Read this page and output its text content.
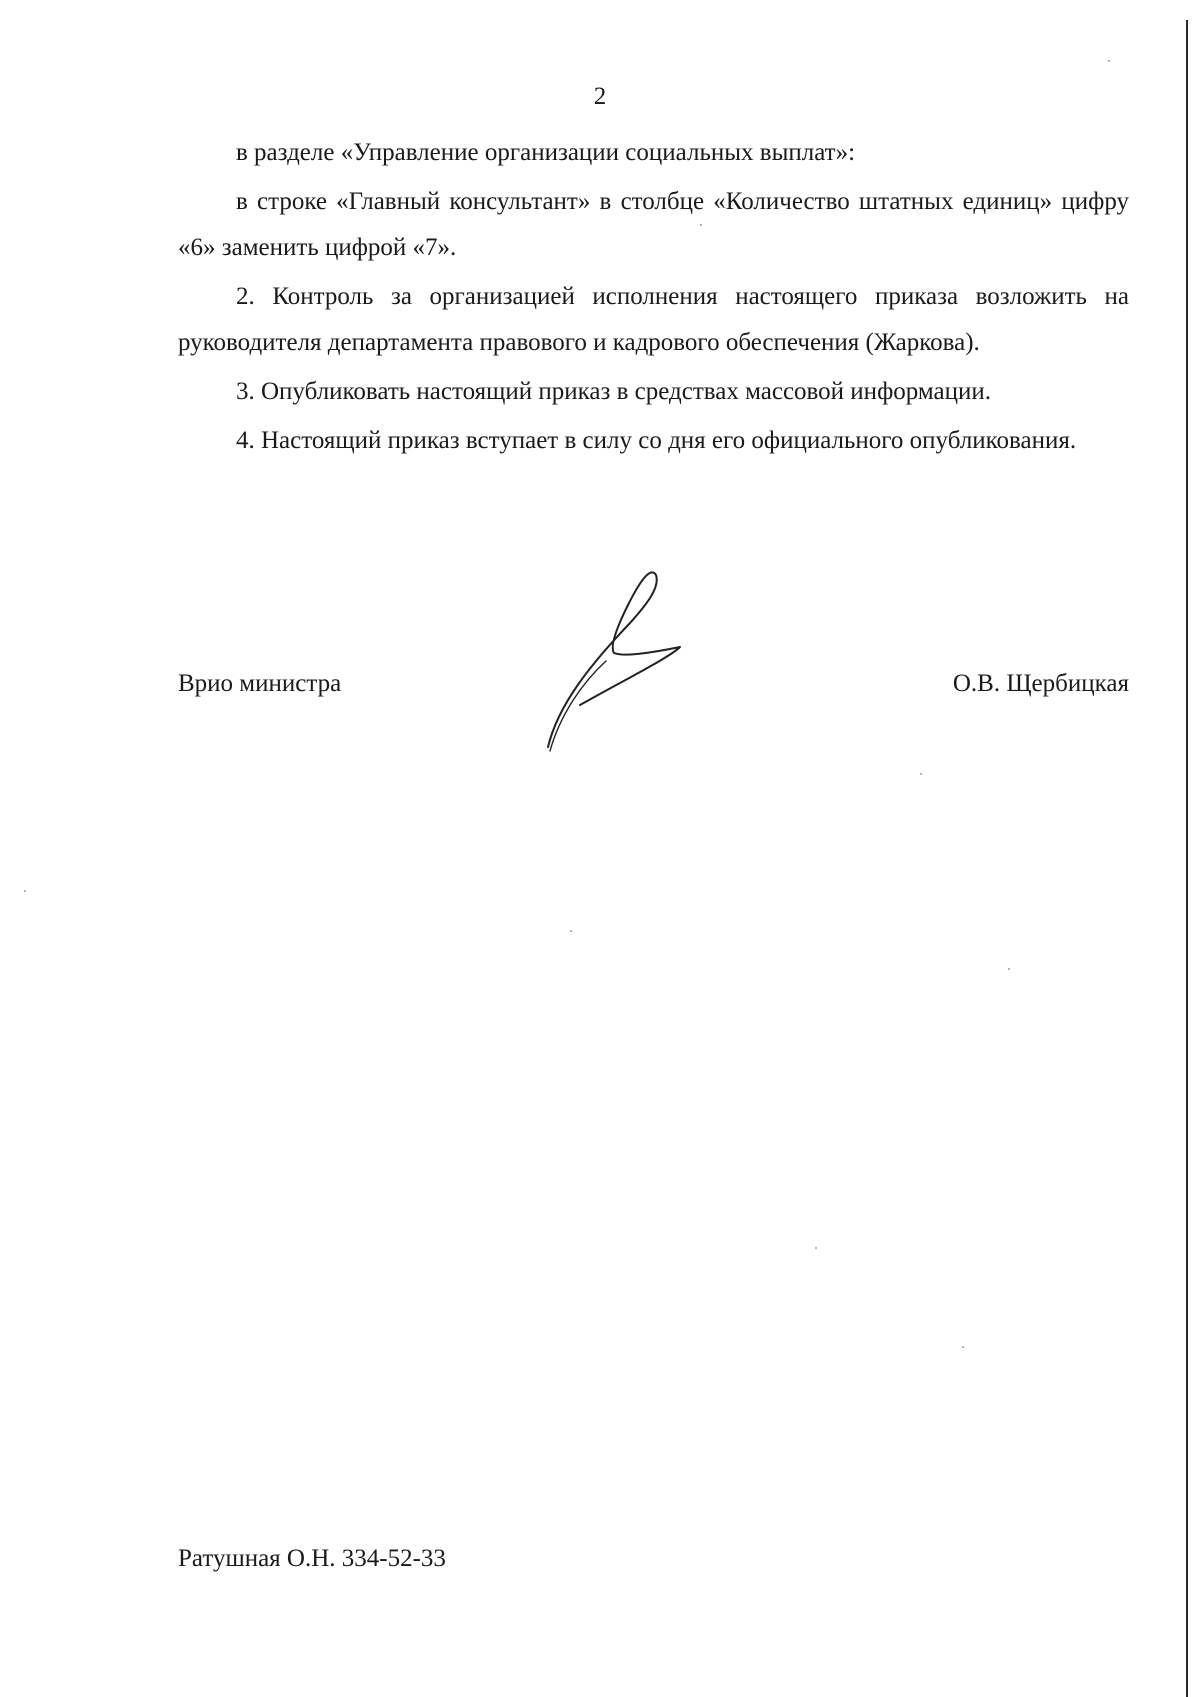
2

в разделе «Управление организации социальных выплат»:

в строке «Главный консультант» в столбце «Количество штатных единиц» цифру «6» заменить цифрой «7».

2. Контроль за организацией исполнения настоящего приказа возложить на руководителя департамента правового и кадрового обеспечения (Жаркова).

3. Опубликовать настоящий приказ в средствах массовой информации.

4. Настоящий приказ вступает в силу со дня его официального опубликования.

Врио министра	О.В. Щербицкая
Ратушная О.Н. 334-52-33
